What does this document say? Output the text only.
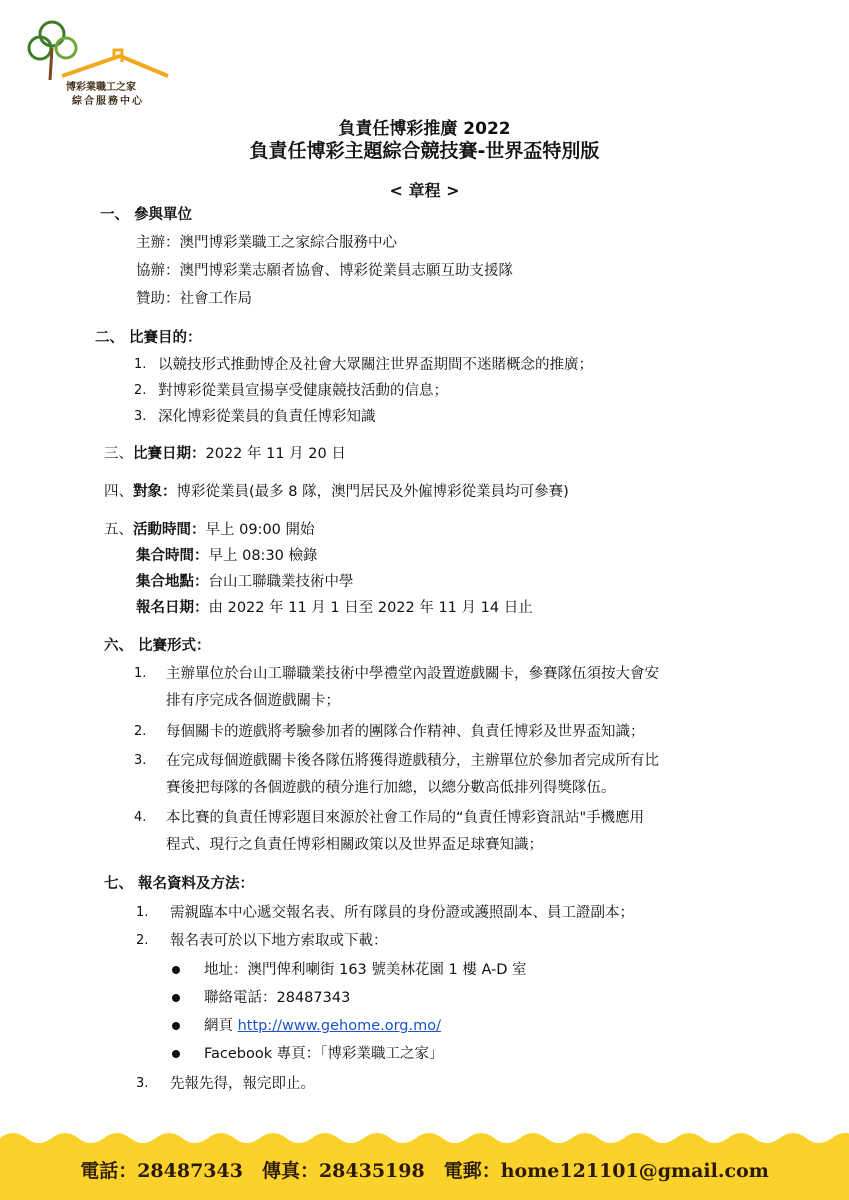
博彩業職工之家
綜合服務中心
負責任博彩推廣 2022
負責任博彩主題綜合競技賽-世界盃特別版
< 章程 >
一、 參與單位
主辦：澳門博彩業職工之家綜合服務中心
協辦：澳門博彩業志願者協會、博彩從業員志願互助支援隊
贊助：社會工作局
二、 比賽目的：
1. 以競技形式推動博企及社會大眾關注世界盃期間不迷賭概念的推廣；
2. 對博彩從業員宣揚享受健康競技活動的信息；
3. 深化博彩從業員的負責任博彩知識
三、比賽日期：2022 年 11 月 20 日
四、對象：博彩從業員(最多 8 隊，澳門居民及外僱博彩從業員均可參賽)
五、活動時間：早上 09:00 開始
集合時間：早上 08:30 檢錄
集合地點：台山工聯職業技術中學
報名日期：由 2022 年 11 月 1 日至 2022 年 11 月 14 日止
六、 比賽形式：
1. 主辦單位於台山工聯職業技術中學禮堂內設置遊戲關卡，參賽隊伍須按大會安
排有序完成各個遊戲關卡；
2. 每個關卡的遊戲將考驗參加者的團隊合作精神、負責任博彩及世界盃知識；
3. 在完成每個遊戲關卡後各隊伍將獲得遊戲積分，主辦單位於參加者完成所有比
賽後把每隊的各個遊戲的積分進行加總，以總分數高低排列得獎隊伍。
4. 本比賽的負責任博彩題目來源於社會工作局的“負責任博彩資訊站"手機應用
程式、現行之負責任博彩相關政策以及世界盃足球賽知識；
七、 報名資料及方法：
1. 需親臨本中心遞交報名表、所有隊員的身份證或護照副本、員工證副本；
2. 報名表可於以下地方索取或下載：
地址：澳門俾利喇街 163 號美林花園 1 樓 A-D 室
聯絡電話：28487343
網頁 http://www.gehome.org.mo/
Facebook 專頁：「博彩業職工之家」
3. 先報先得，報完即止。
電話：28487343　傳真：28435198　電郵：home121101@gmail.com
